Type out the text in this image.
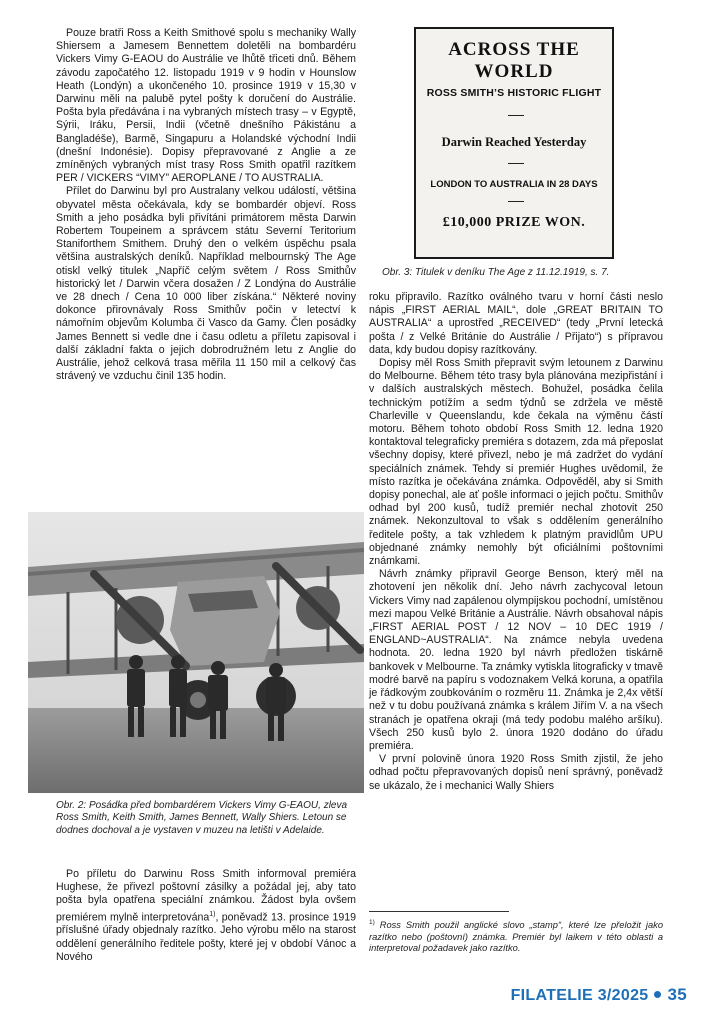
Pouze bratři Ross a Keith Smithové spolu s mechaniky Wally Shiersem a Jamesem Bennettem doletěli na bombardéru Vickers Vimy G-EAOU do Austrálie ve lhůtě třiceti dnů. Během závodu započatého 12. listopadu 1919 v 9 hodin v Hounslow Heath (Londýn) a ukončeného 10. prosince 1919 v 15,30 v Darwinu měli na palubě pytel pošty k doručení do Austrálie. Pošta byla předávána i na vybraných místech trasy – v Egyptě, Sýrii, Iráku, Persii, Indii (včetně dnešního Pákistánu a Bangladéše), Barmě, Singapuru a Holandské východní Indii (dnešní Indonésie). Dopisy přepravované z Anglie a ze zmíněných vybraných míst trasy Ross Smith opatřil razítkem PER / VICKERS “VIMY” AEROPLANE / TO AUSTRALIA.

Přílet do Darwinu byl pro Australany velkou událostí, většina obyvatel města očekávala, kdy se bombardér objeví. Ross Smith a jeho posádka byli přivítáni primátorem města Darwin Robertem Toupeinem a správcem státu Severní Teritorium Staniforthem Smithem. Druhý den o velkém úspěchu psala většina australských deníků. Například melbournský The Age otiskl velký titulek „Napříč celým světem / Ross Smithův historický let / Darwin včera dosažen / Z Londýna do Austrálie ve 28 dnech / Cena 10 000 liber získána.“ Některé noviny dokonce přirovnávaly Ross Smithův počin v letectví k námořním objevům Kolumba či Vasco da Gamy. Člen posádky James Bennett si vedle dne i času odletu a příletu zapisoval i další základní fakta o jejich dobrodružném letu z Anglie do Austrálie, jehož celková trasa měřila 11 150 mil a celkový čas strávený ve vzduchu činil 135 hodin.

ACROSS THE WORLD

ROSS SMITH’S HISTORIC FLIGHT

Darwin Reached Yesterday

LONDON TO AUSTRALIA IN 28 DAYS

£10,000 PRIZE WON.

Obr. 3: Titulek v deníku The Age z 11.12.1919, s. 7.

roku připravilo. Razítko oválného tvaru v horní části neslo nápis „FIRST AERIAL MAIL“, dole „GREAT BRITAIN TO AUSTRALIA“ a uprostřed „RECEIVED“ (tedy „První letecká pošta / z Velké Británie do Austrálie / Přijato“) s přípravou data, kdy budou dopisy razítkovány.

Dopisy měl Ross Smith přepravit svým letounem z Darwinu do Melbourne. Během této trasy byla plánována mezipřistání i v dalších australských městech. Bohužel, posádka čelila technickým potížím a sedm týdnů se zdržela ve městě Charleville v Queenslandu, kde čekala na výměnu částí motoru. Během tohoto období Ross Smith 12. ledna 1920 kontaktoval telegraficky premiéra s dotazem, zda má přeposlat všechny dopisy, které přivezl, nebo je má zadržet do vydání speciálních známek. Tehdy si premiér Hughes uvědomil, že místo razítka je očekávána známka. Odpověděl, aby si Smith dopisy ponechal, ale ať pošle informaci o jejich počtu. Smithův odhad byl 200 kusů, tudíž premiér nechal zhotovit 250 známek. Nekonzultoval to však s oddělením generálního ředitele pošty, a tak vzhledem k platným pravidlům UPU objednané známky nemohly být oficiálními poštovními známkami.

Návrh známky připravil George Benson, který měl na zhotovení jen několik dní. Jeho návrh zachycoval letoun Vickers Vimy nad zapálenou olympijskou pochodní, umístěnou mezi mapou Velké Británie a Austrálie. Návrh obsahoval nápis „FIRST AERIAL POST / 12 NOV – 10 DEC 1919 / ENGLAND~AUSTRALIA“. Na známce nebyla uvedena hodnota. 20. ledna 1920 byl návrh předložen tiskárně bankovek v Melbourne. Ta známky vytiskla litograficky v tmavě modré barvě na papíru s vodoznakem Velká koruna, a opatřila je řádkovým zoubkováním o rozměru 11. Známka je 2,4x větší než v tu dobu používaná známka s králem Jiřím V. a na všech stranách je opatřena okraji (má tedy podobu malého aršíku). Všech 250 kusů bylo 2. února 1920 dodáno do úřadu premiéra.

V první polovině února 1920 Ross Smith zjistil, že jeho odhad počtu přepravovaných dopisů není správný, poněvadž se ukázalo, že i mechanici Wally Shiers

Obr. 2: Posádka před bombardérem Vickers Vimy G-EAOU, zleva Ross Smith, Keith Smith, James Bennett, Wally Shiers. Letoun se dodnes dochoval a je vystaven v muzeu na letišti v Adelaide.

Po příletu do Darwinu Ross Smith informoval premiéra Hughese, že přivezl poštovní zásilky a požádal jej, aby tato pošta byla opatřena speciální známkou. Žádost byla ovšem premiérem mylně interpretována$^{1)}$, poněvadž 13. prosince 1919 příslušné úřady objednaly razítko. Jeho výrobu mělo na starost oddělení generálního ředitele pošty, které jej v období Vánoc a Nového

$^{1)}$ Ross Smith použil anglické slovo „stamp“, které lze přeložit jako razítko nebo (poštovní) známka. Premiér byl laikem v této oblasti a interpretoval požadavek jako razítko.
FILATELIE 3/2025 35
